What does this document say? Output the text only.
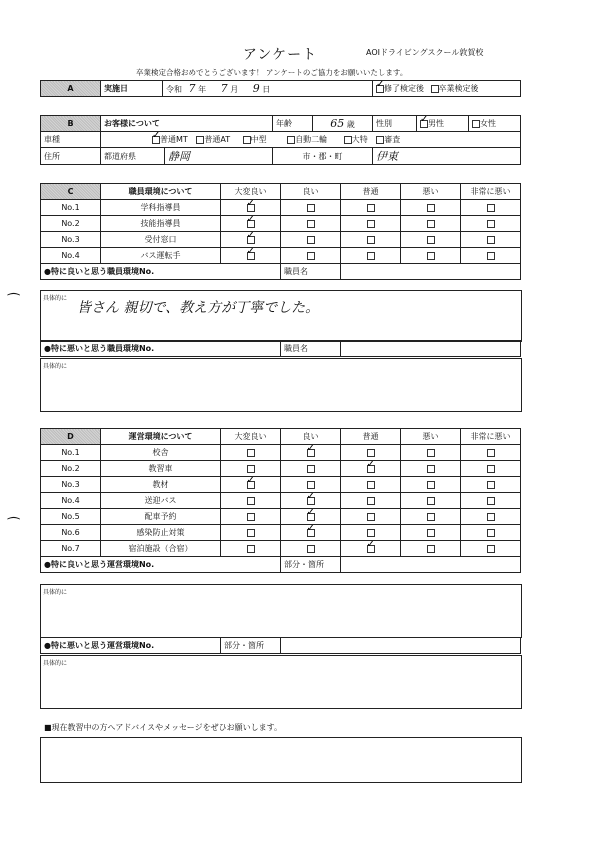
アンケート	AOIドライビングスクール敦賀校
卒業検定合格おめでとうございます！ アンケートのご協力をお願いいたします。
A	実施日	令和 7 年 7 月 9 日	✓修了検定後 卒業検定後
B	お客様について		年齢	65 歳	性別	✓男性	女性
車種	✓普通MT 普通AT 中型 自動二輪 大特 審査
住所	都道府県	静岡	市・郡・町		伊東		
C	職員環境について	大変良い	良い	普通	悪い	非常に悪い
No.1	学科指導員	✓				
No.2	技能指導員	✓				
No.3	受付窓口	✓				
No.4	バス運転手	✓				
●特に良いと思う職員環境No.			職員名			
具体的に
皆さん 親切で、教え方が丁寧でした。
●特に悪いと思う職員環境No.	職員名	
具体的に
D	運営環境について	大変良い	良い	普通	悪い	非常に悪い
No.1	校舎		✓			
No.2	教習車			✓		
No.3	教材	✓				
No.4	送迎バス		✓			
No.5	配車予約		✓			
No.6	感染防止対策		✓			
No.7	宿泊施設（合宿）			✓		
●特に良いと思う運営環境No.			部分・箇所			
具体的に
●特に悪いと思う運営環境No.	部分・箇所	
具体的に
■現在教習中の方へアドバイスやメッセージをぜひお願いします。
⁀
⁀
